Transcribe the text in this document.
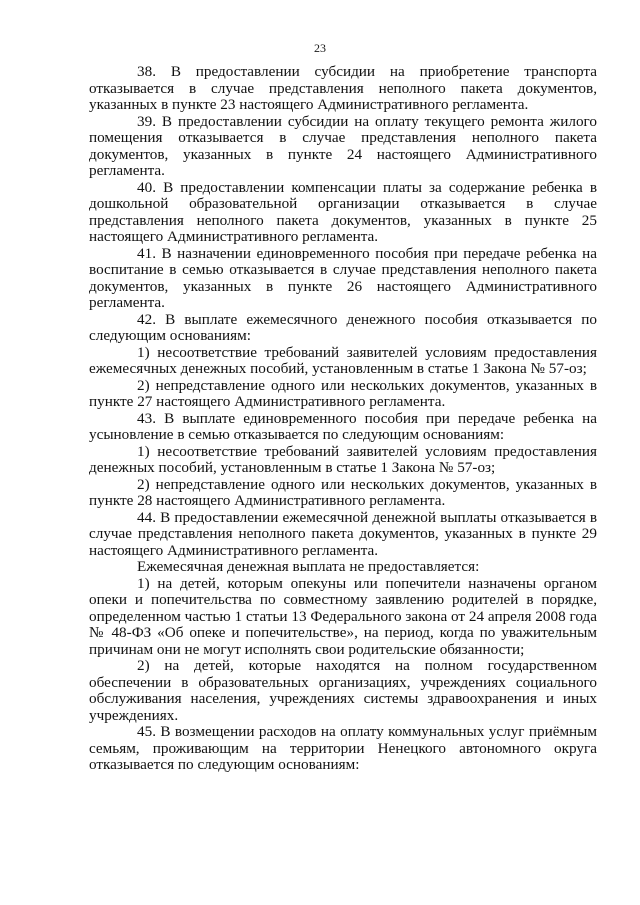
23

38. В предоставлении субсидии на приобретение транспорта отказывается в случае представления неполного пакета документов, указанных в пункте 23 настоящего Административного регламента.

39. В предоставлении субсидии на оплату текущего ремонта жилого помещения отказывается в случае представления неполного пакета документов, указанных в пункте 24 настоящего Административного регламента.

40. В предоставлении компенсации платы за содержание ребенка в дошкольной образовательной организации отказывается в случае представления неполного пакета документов, указанных в пункте 25 настоящего Административного регламента.

41. В назначении единовременного пособия при передаче ребенка на воспитание в семью отказывается в случае представления неполного пакета документов, указанных в пункте 26 настоящего Административного регламента.

42. В выплате ежемесячного денежного пособия отказывается по следующим основаниям:

1) несоответствие требований заявителей условиям предоставления ежемесячных денежных пособий, установленным в статье 1 Закона № 57-оз;

2) непредставление одного или нескольких документов, указанных в пункте 27 настоящего Административного регламента.

43. В выплате единовременного пособия при передаче ребенка на усыновление в семью отказывается по следующим основаниям:

1) несоответствие требований заявителей условиям предоставления денежных пособий, установленным в статье 1 Закона № 57-оз;

2) непредставление одного или нескольких документов, указанных в пункте 28 настоящего Административного регламента.

44. В предоставлении ежемесячной денежной выплаты отказывается в случае представления неполного пакета документов, указанных в пункте 29 настоящего Административного регламента.

Ежемесячная денежная выплата не предоставляется:

1) на детей, которым опекуны или попечители назначены органом опеки и попечительства по совместному заявлению родителей в порядке, определенном частью 1 статьи 13 Федерального закона от 24 апреля 2008 года № 48-ФЗ «Об опеке и попечительстве», на период, когда по уважительным причинам они не могут исполнять свои родительские обязанности;

2) на детей, которые находятся на полном государственном обеспечении в образовательных организациях, учреждениях социального обслуживания населения, учреждениях системы здравоохранения и иных учреждениях.

45. В возмещении расходов на оплату коммунальных услуг приёмным семьям, проживающим на территории Ненецкого автономного округа отказывается по следующим основаниям:
